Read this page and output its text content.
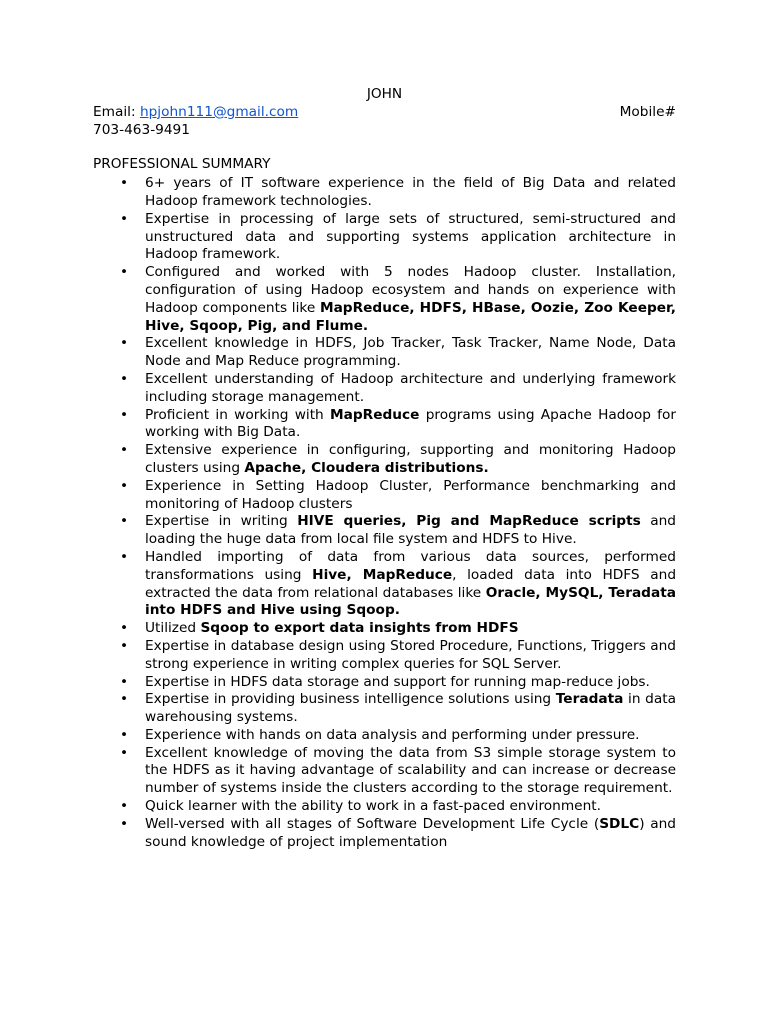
JOHN
Email: hpjohn111@gmail.com	Mobile#
703-463-9491
PROFESSIONAL SUMMARY
• 6+ years of IT software experience in the field of Big Data and related Hadoop framework technologies.
• Expertise in processing of large sets of structured, semi-structured and unstructured data and supporting systems application architecture in Hadoop framework.
• Configured and worked with 5 nodes Hadoop cluster. Installation, configuration of using Hadoop ecosystem and hands on experience with Hadoop components like MapReduce, HDFS, HBase, Oozie, Zoo Keeper, Hive, Sqoop, Pig, and Flume.
• Excellent knowledge in HDFS, Job Tracker, Task Tracker, Name Node, Data Node and Map Reduce programming.
• Excellent understanding of Hadoop architecture and underlying framework including storage management.
• Proficient in working with MapReduce programs using Apache Hadoop for working with Big Data.
• Extensive experience in configuring, supporting and monitoring Hadoop clusters using Apache, Cloudera distributions.
• Experience in Setting Hadoop Cluster, Performance benchmarking and monitoring of Hadoop clusters
• Expertise in writing HIVE queries, Pig and MapReduce scripts and loading the huge data from local file system and HDFS to Hive.
• Handled importing of data from various data sources, performed transformations using Hive, MapReduce, loaded data into HDFS and extracted the data from relational databases like Oracle, MySQL, Teradata into HDFS and Hive using Sqoop.
• Utilized Sqoop to export data insights from HDFS
• Expertise in database design using Stored Procedure, Functions, Triggers and strong experience in writing complex queries for SQL Server.
• Expertise in HDFS data storage and support for running map-reduce jobs.
• Expertise in providing business intelligence solutions using Teradata in data warehousing systems.
• Experience with hands on data analysis and performing under pressure.
• Excellent knowledge of moving the data from S3 simple storage system to the HDFS as it having advantage of scalability and can increase or decrease number of systems inside the clusters according to the storage requirement.
• Quick learner with the ability to work in a fast-paced environment.
• Well-versed with all stages of Software Development Life Cycle (SDLC) and sound knowledge of project implementation
